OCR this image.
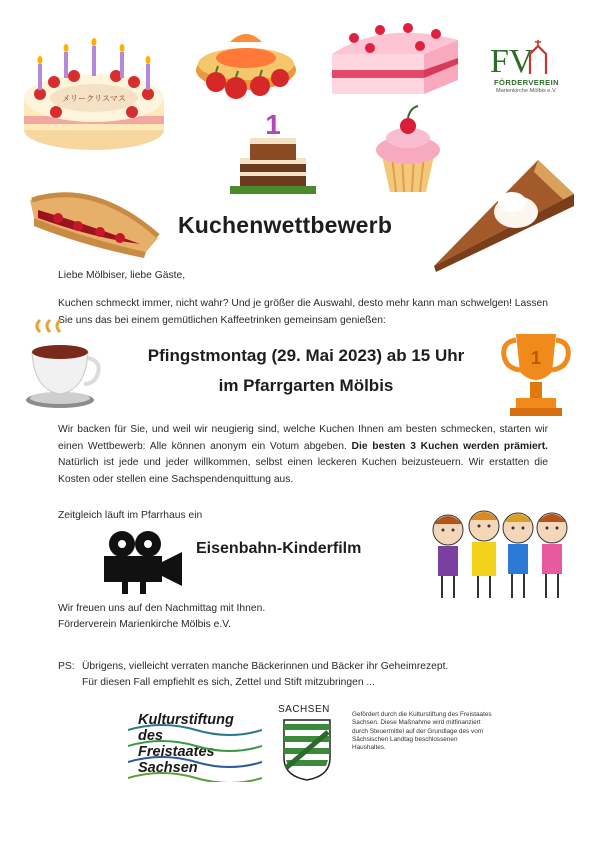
メリークリスマス
FV
FÖRDERVEREIN
Marienkirche Mölbis e.V.
1
Kuchenwettbewerb
Liebe Mölbiser, liebe Gäste,
Kuchen schmeckt immer, nicht wahr? Und je größer die Auswahl, desto mehr kann man schwelgen! Lassen Sie uns das bei einem gemütlichen Kaffeetrinken gemeinsam genießen:
Pfingstmontag (29. Mai 2023) ab 15 Uhr
im Pfarrgarten Mölbis
1
Wir backen für Sie, und weil wir neugierig sind, welche Kuchen Ihnen am besten schmecken, starten wir einen Wettbewerb: Alle können anonym ein Votum abgeben. Die besten 3 Kuchen werden prämiert. Natürlich ist jede und jeder willkommen, selbst einen leckeren Kuchen beizusteuern. Wir erstatten die Kosten oder stellen eine Sachspendenquittung aus.
Zeitgleich läuft im Pfarrhaus ein
Eisenbahn-Kinderfilm
Wir freuen uns auf den Nachmittag mit Ihnen.
Förderverein Marienkirche Mölbis e.V.
PS: Übrigens, vielleicht verraten manche Bäckerinnen und Bäcker ihr Geheimrezept.
Für diesen Fall empfiehlt es sich, Zettel und Stift mitzubringen ...
Kulturstiftung
des
Freistaates
Sachsen
SACHSEN	Gefördert durch die Kulturstiftung des Freistaates Sachsen. Diese Maßnahme wird mitfinanziert durch Steuermittel auf der Grundlage des vom Sächsischen Landtag beschlossenen Haushaltes.
